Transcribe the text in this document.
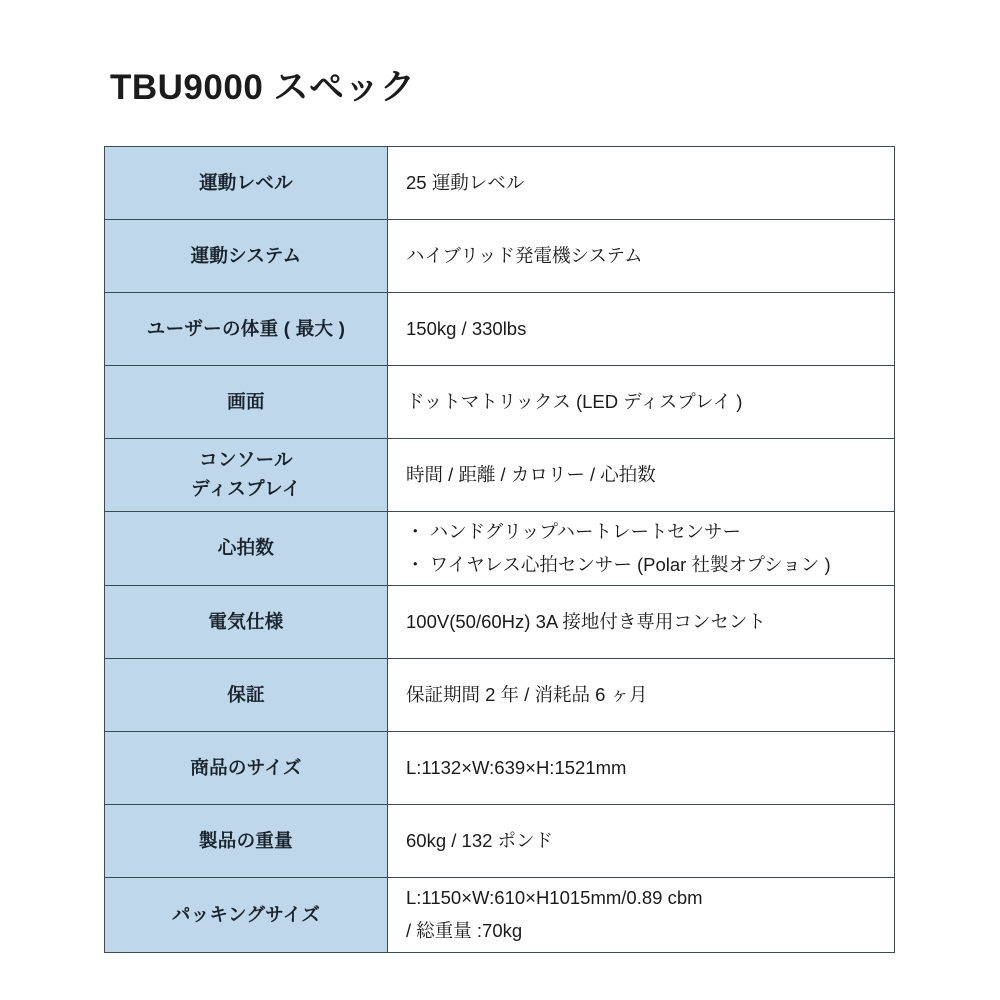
TBU9000 スペック
運動レベル	25 運動レベル

運動システム	ハイブリッド発電機システム

ユーザーの体重 ( 最大 )	150kg / 330lbs

画面	ドットマトリックス (LED ディスプレイ )

コンソール
ディスプレイ	時間 / 距離 / カロリー / 心拍数

心拍数	・ ハンドグリップハートレートセンサー
・ ワイヤレス心拍センサー (Polar 社製オプション )

電気仕様	100V(50/60Hz) 3A 接地付き専用コンセント

保証	保証期間 2 年 / 消耗品 6 ヶ月

商品のサイズ	L:1132×W:639×H:1521mm

製品の重量	60kg / 132 ポンド

パッキングサイズ	L:1150×W:610×H1015mm/0.89 cbm
/ 総重量 :70kg
